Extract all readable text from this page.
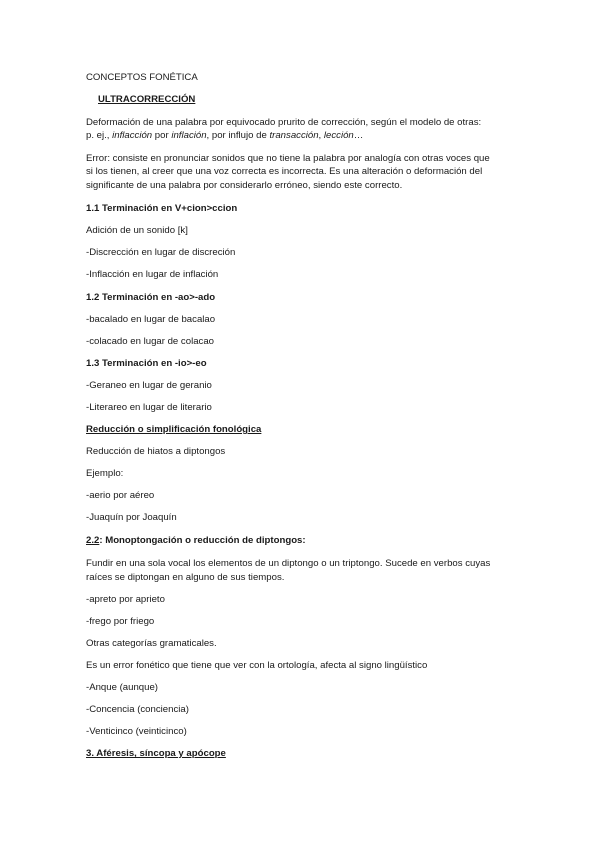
CONCEPTOS FONÉTICA
ULTRACORRECCIÓN
Deformación de una palabra por equivocado prurito de corrección, según el modelo de otras:
p. ej., inflacción por inflación, por influjo de transacción, lección…
Error: consiste en pronunciar sonidos que no tiene la palabra por analogía con otras voces que
si los tienen, al creer que una voz correcta es incorrecta. Es una alteración o deformación del
significante de una palabra por considerarlo erróneo, siendo este correcto.
1.1 Terminación en V+cion>ccion
Adición de un sonido [k]
-Discrección en lugar de discreción
-Inflacción en lugar de inflación
1.2 Terminación en -ao>-ado
-bacalado en lugar de bacalao
-colacado en lugar de colacao
1.3 Terminación en -io>-eo
-Geraneo en lugar de geranio
-Literareo en lugar de literario
Reducción o simplificación fonológica
Reducción de hiatos a diptongos
Ejemplo:
-aerio por aéreo
-Juaquín por Joaquín
2.2: Monoptongación o reducción de diptongos:
Fundir en una sola vocal los elementos de un diptongo o un triptongo. Sucede en verbos cuyas
raíces se diptongan en alguno de sus tiempos.
-apreto por aprieto
-frego por friego
Otras categorías gramaticales.
Es un error fonético que tiene que ver con la ortología, afecta al signo lingüístico
-Anque (aunque)
-Concencia (conciencia)
-Venticinco (veinticinco)
3. Aféresis, síncopa y apócope
